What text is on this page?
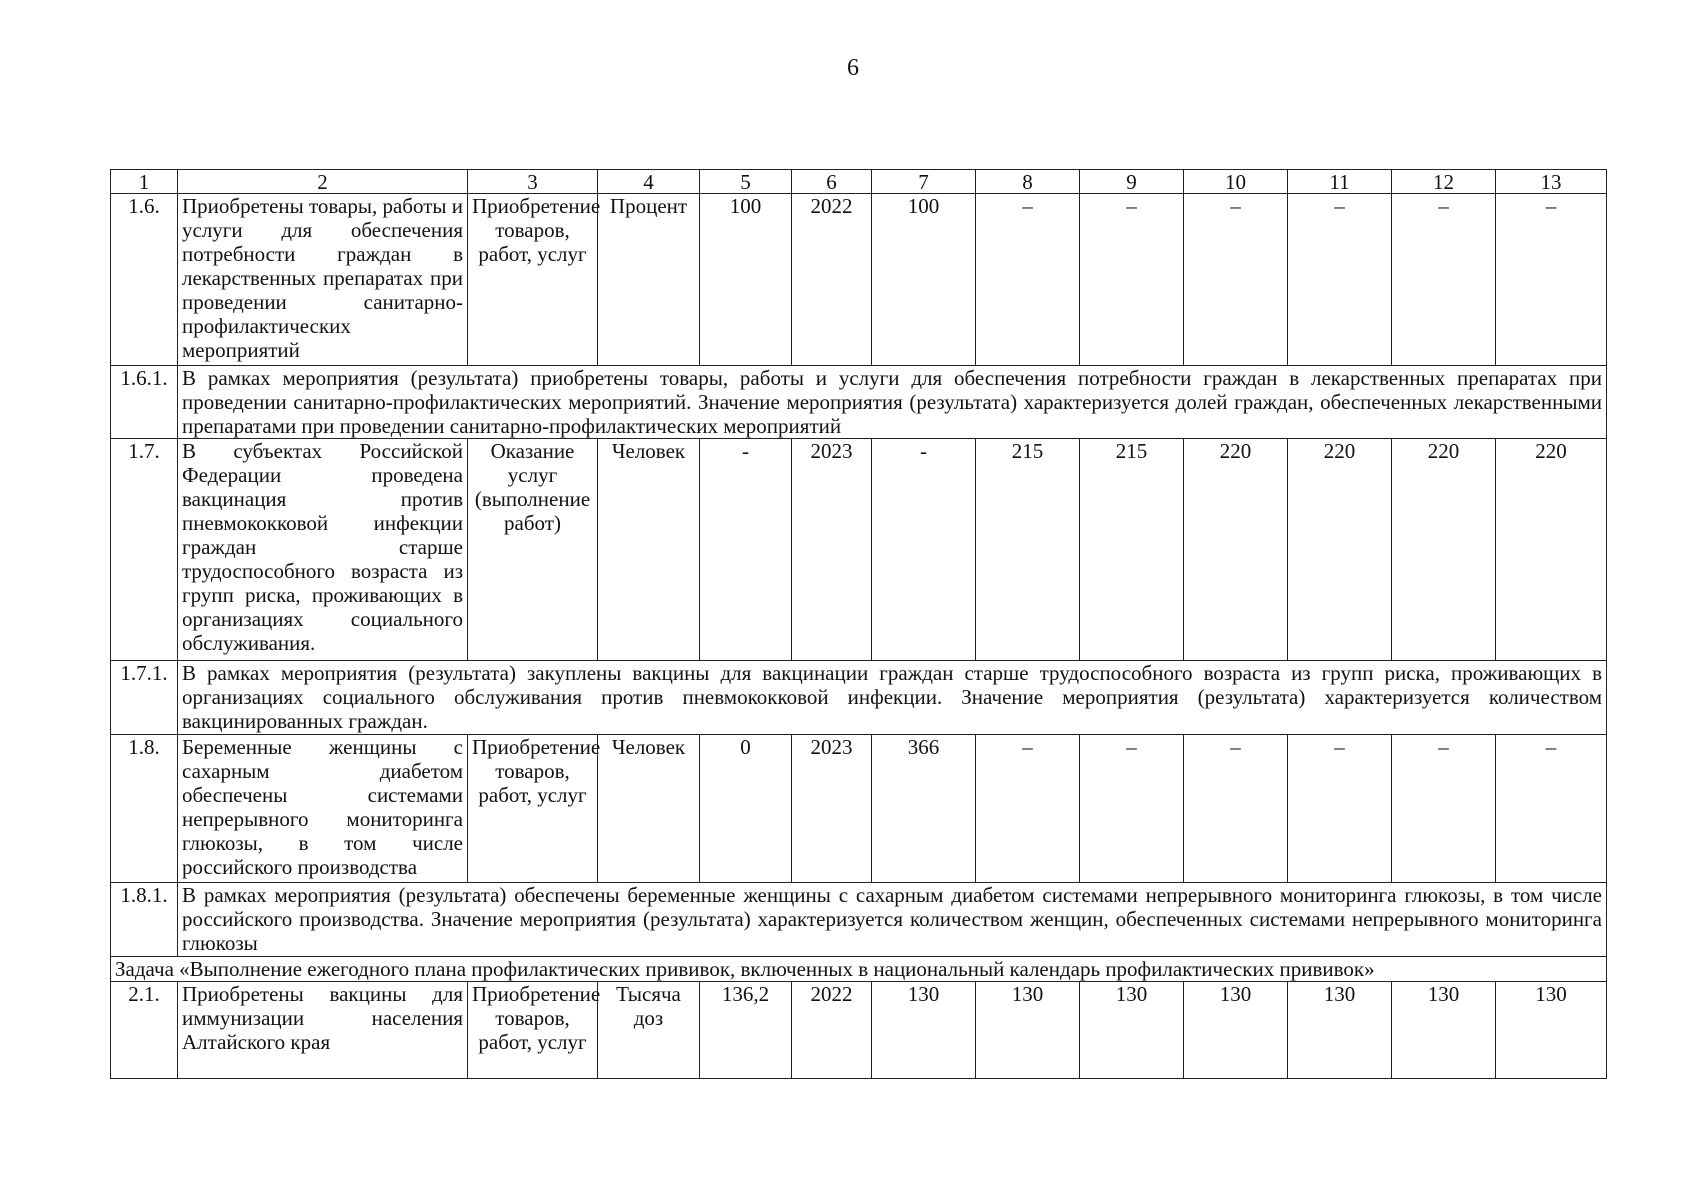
6
1	2	3	4	5	6	7	8	9	10	11	12	13
1.6.	Приобретены товары, работы и услуги для обеспечения потребности граждан в лекарственных препаратах при проведении санитарно-профилактических мероприятий	Приобретение товаров, работ, услуг	Процент	100	2022	100	–	–	–	–	–	–
1.6.1.	В рамках мероприятия (результата) приобретены товары, работы и услуги для обеспечения потребности граждан в лекарственных препаратах при проведении санитарно-профилактических мероприятий. Значение мероприятия (результата) характеризуется долей граждан, обеспеченных лекарственными препаратами при проведении санитарно-профилактических мероприятий											
1.7.	В субъектах Российской Федерации проведена вакцинация против пневмококковой инфекции граждан старше трудоспособного возраста из групп риска, проживающих в организациях социального обслуживания.	Оказание услуг (выполнение работ)	Человек	-	2023	-	215	215	220	220	220	220
1.7.1.	В рамках мероприятия (результата) закуплены вакцины для вакцинации граждан старше трудоспособного возраста из групп риска, проживающих в организациях социального обслуживания против пневмококковой инфекции. Значение мероприятия (результата) характеризуется количеством вакцинированных граждан.											
1.8.	Беременные женщины с сахарным диабетом обеспечены системами непрерывного мониторинга глюкозы, в том числе российского производства	Приобретение товаров, работ, услуг	Человек	0	2023	366	–	–	–	–	–	–
1.8.1.	В рамках мероприятия (результата) обеспечены беременные женщины с сахарным диабетом системами непрерывного мониторинга глюкозы, в том числе российского производства. Значение мероприятия (результата) характеризуется количеством женщин, обеспеченных системами непрерывного мониторинга глюкозы											
Задача «Выполнение ежегодного плана профилактических прививок, включенных в национальный календарь профилактических прививок»												
2.1.	Приобретены вакцины для иммунизации населения Алтайского края	Приобретение товаров, работ, услуг	Тысяча доз	136,2	2022	130	130	130	130	130	130	130
